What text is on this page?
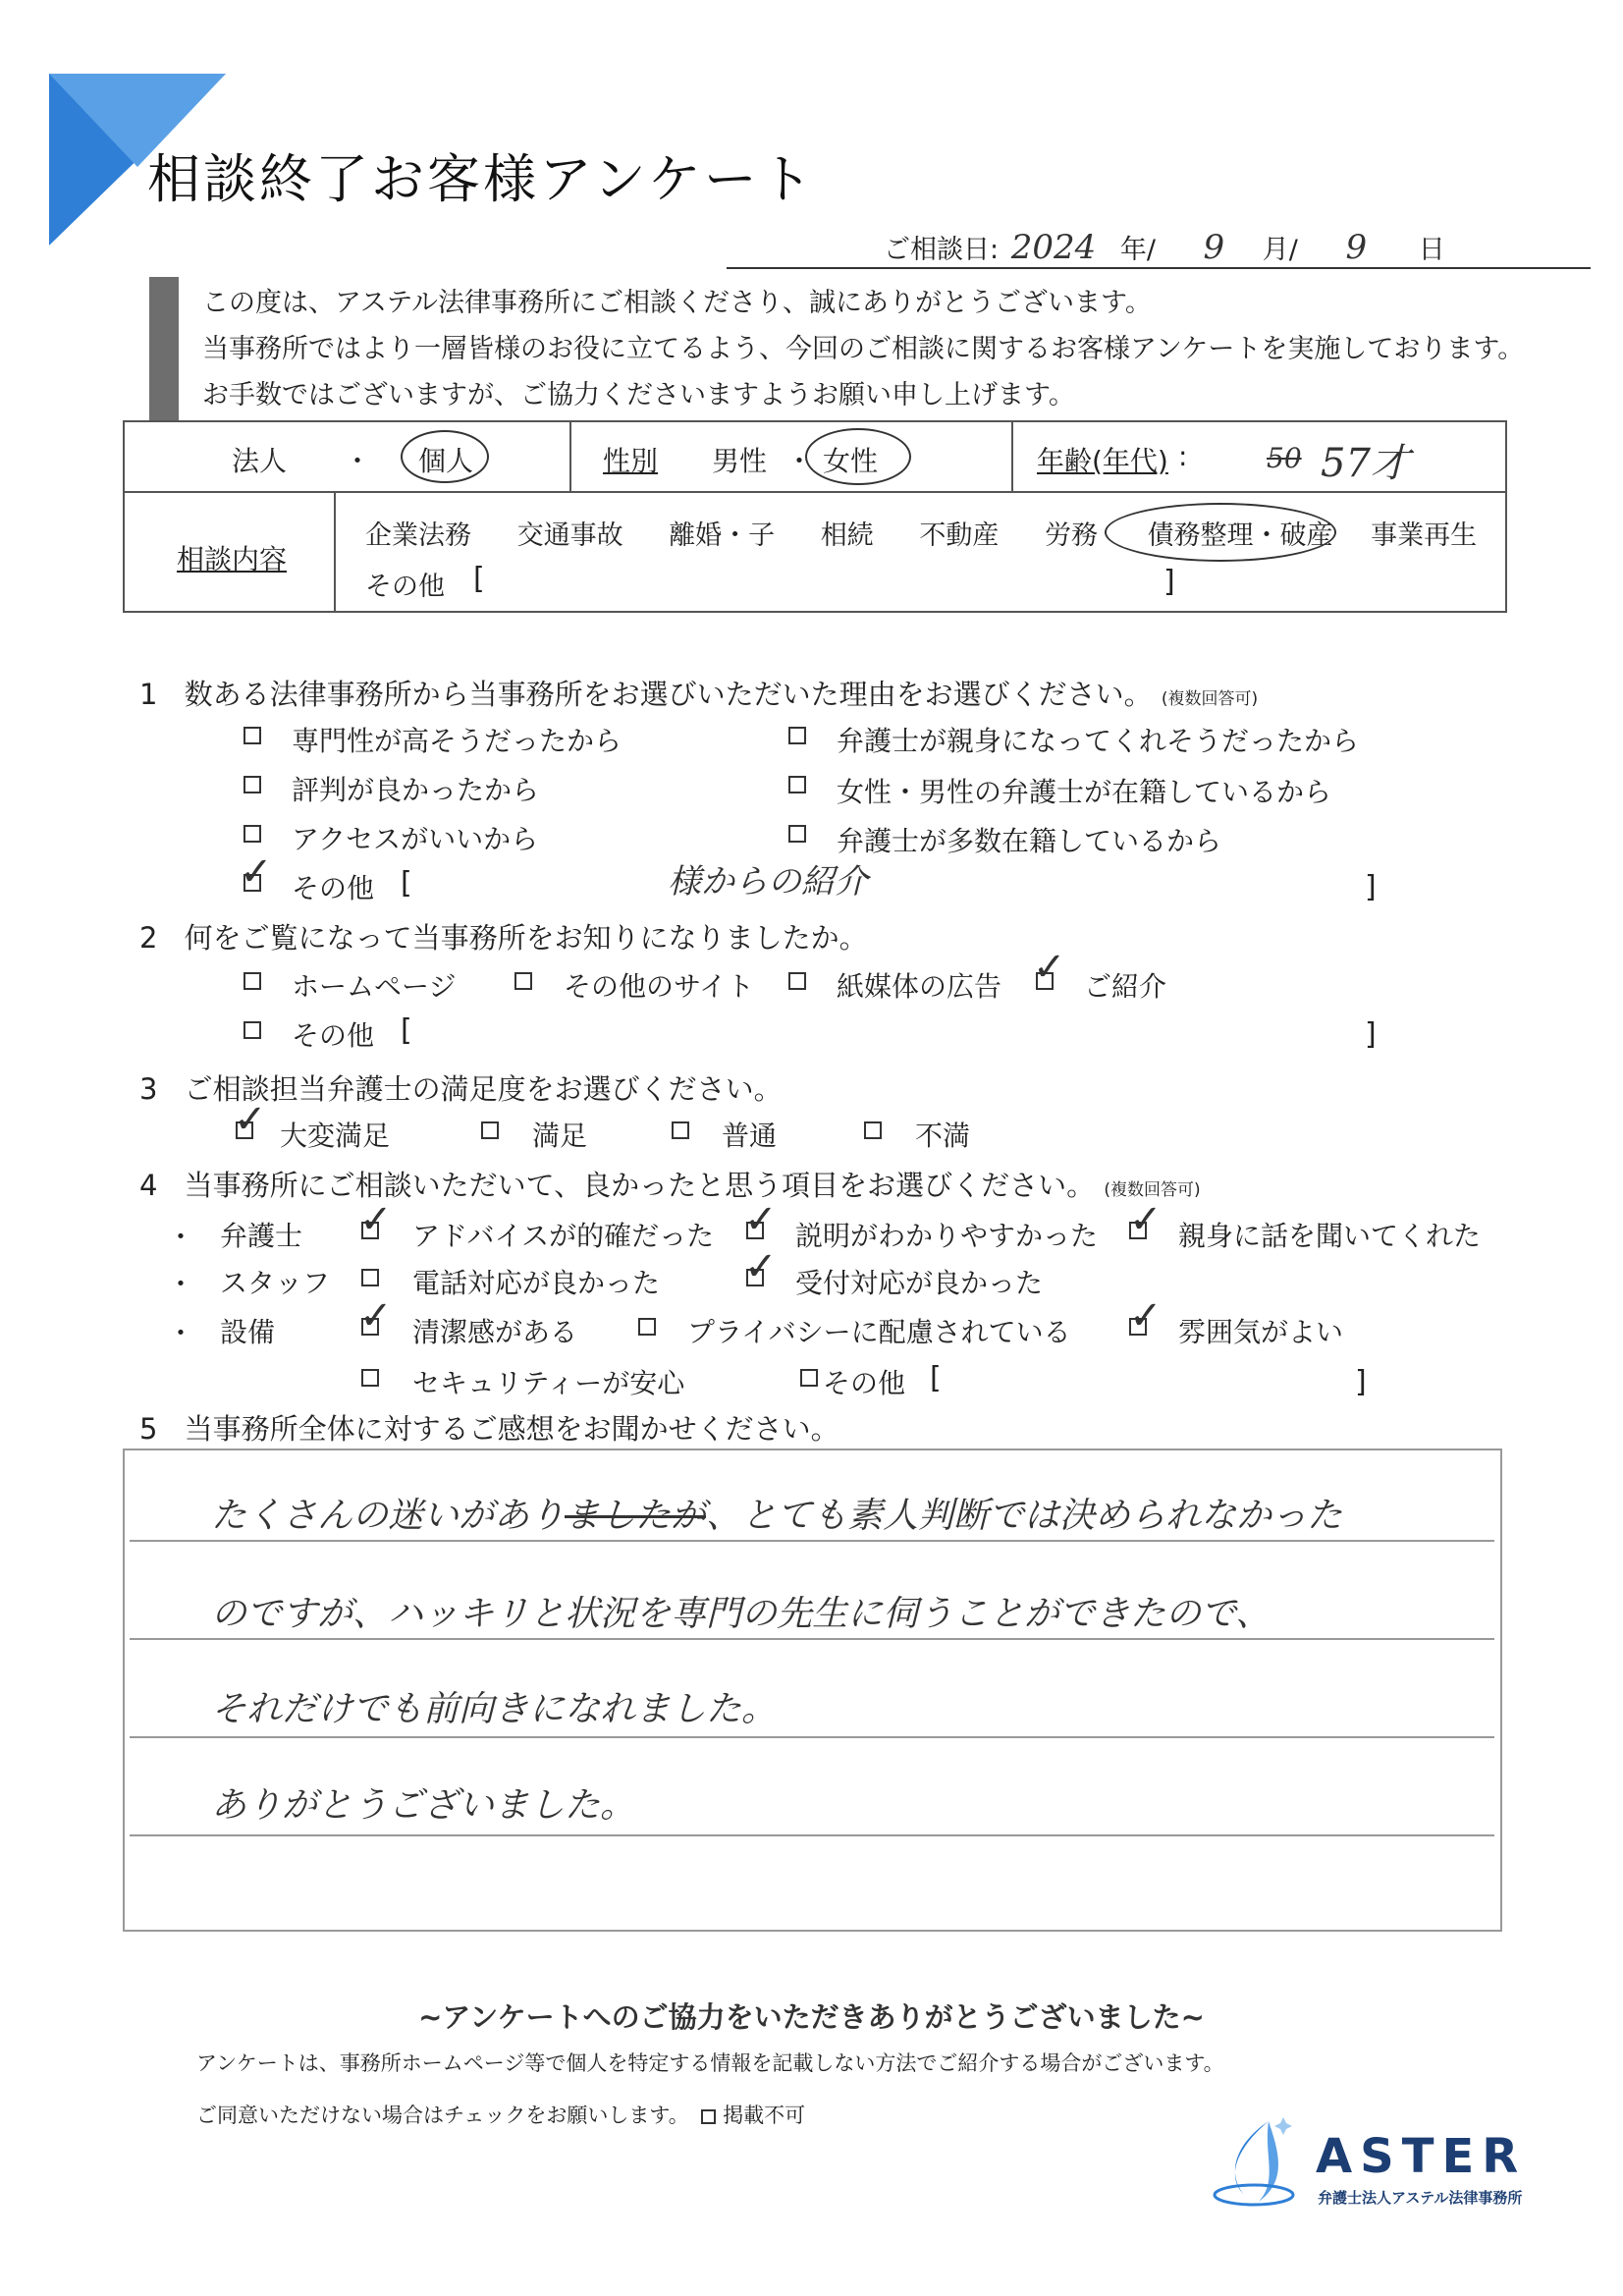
相談終了お客様アンケート
ご相談日: 2024 年/ 9 月/ 9 日
この度は、アステル法律事務所にご相談くださり、誠にありがとうございます。
当事務所ではより一層皆様のお役に立てるよう、今回のご相談に関するお客様アンケートを実施しております。
お手数ではございますが、ご協力くださいますようお願い申し上げます。
法人 ・ 個人	性別 男性 ・ 女性	年齢(年代) :	50 57才
相談内容
企業法務 交通事故 離婚・子 相続 不動産 労務 債務整理・破産 事業再生
その他 [	]
1 数ある法律事務所から当事務所をお選びいただいた理由をお選びください。 (複数回答可)
専門性が高そうだったから	弁護士が親身になってくれそうだったから
評判が良かったから	女性・男性の弁護士が在籍しているから
アクセスがいいから	弁護士が多数在籍しているから
✓ その他 [	様からの紹介	]
2 何をご覧になって当事務所をお知りになりましたか。
ホームページ	その他のサイト	紙媒体の広告 ✓ ご紹介
その他 [	]
3 ご相談担当弁護士の満足度をお選びください。
✓ 大変満足	満足	普通	不満
4 当事務所にご相談いただいて、良かったと思う項目をお選びください。 (複数回答可)
・ 弁護士 ✓ アドバイスが的確だった ✓ 説明がわかりやすかった ✓ 親身に話を聞いてくれた
・ スタッフ	電話対応が良かった ✓ 受付対応が良かった
・ 設備 ✓ 清潔感がある	プライバシーに配慮されている ✓ 雰囲気がよい
セキュリティーが安心	その他 [	]
5 当事務所全体に対するご感想をお聞かせください。
たくさんの迷いがありましたが、とても素人判断では決められなかった
のですが、ハッキリと状況を専門の先生に伺うことができたので、
それだけでも前向きになれました。
ありがとうございました。
~アンケートへのご協力をいただきありがとうございました~
アンケートは、事務所ホームページ等で個人を特定する情報を記載しない方法でご紹介する場合がございます。
ご同意いただけない場合はチェックをお願いします。 掲載不可
ASTER
弁護士法人アステル法律事務所
